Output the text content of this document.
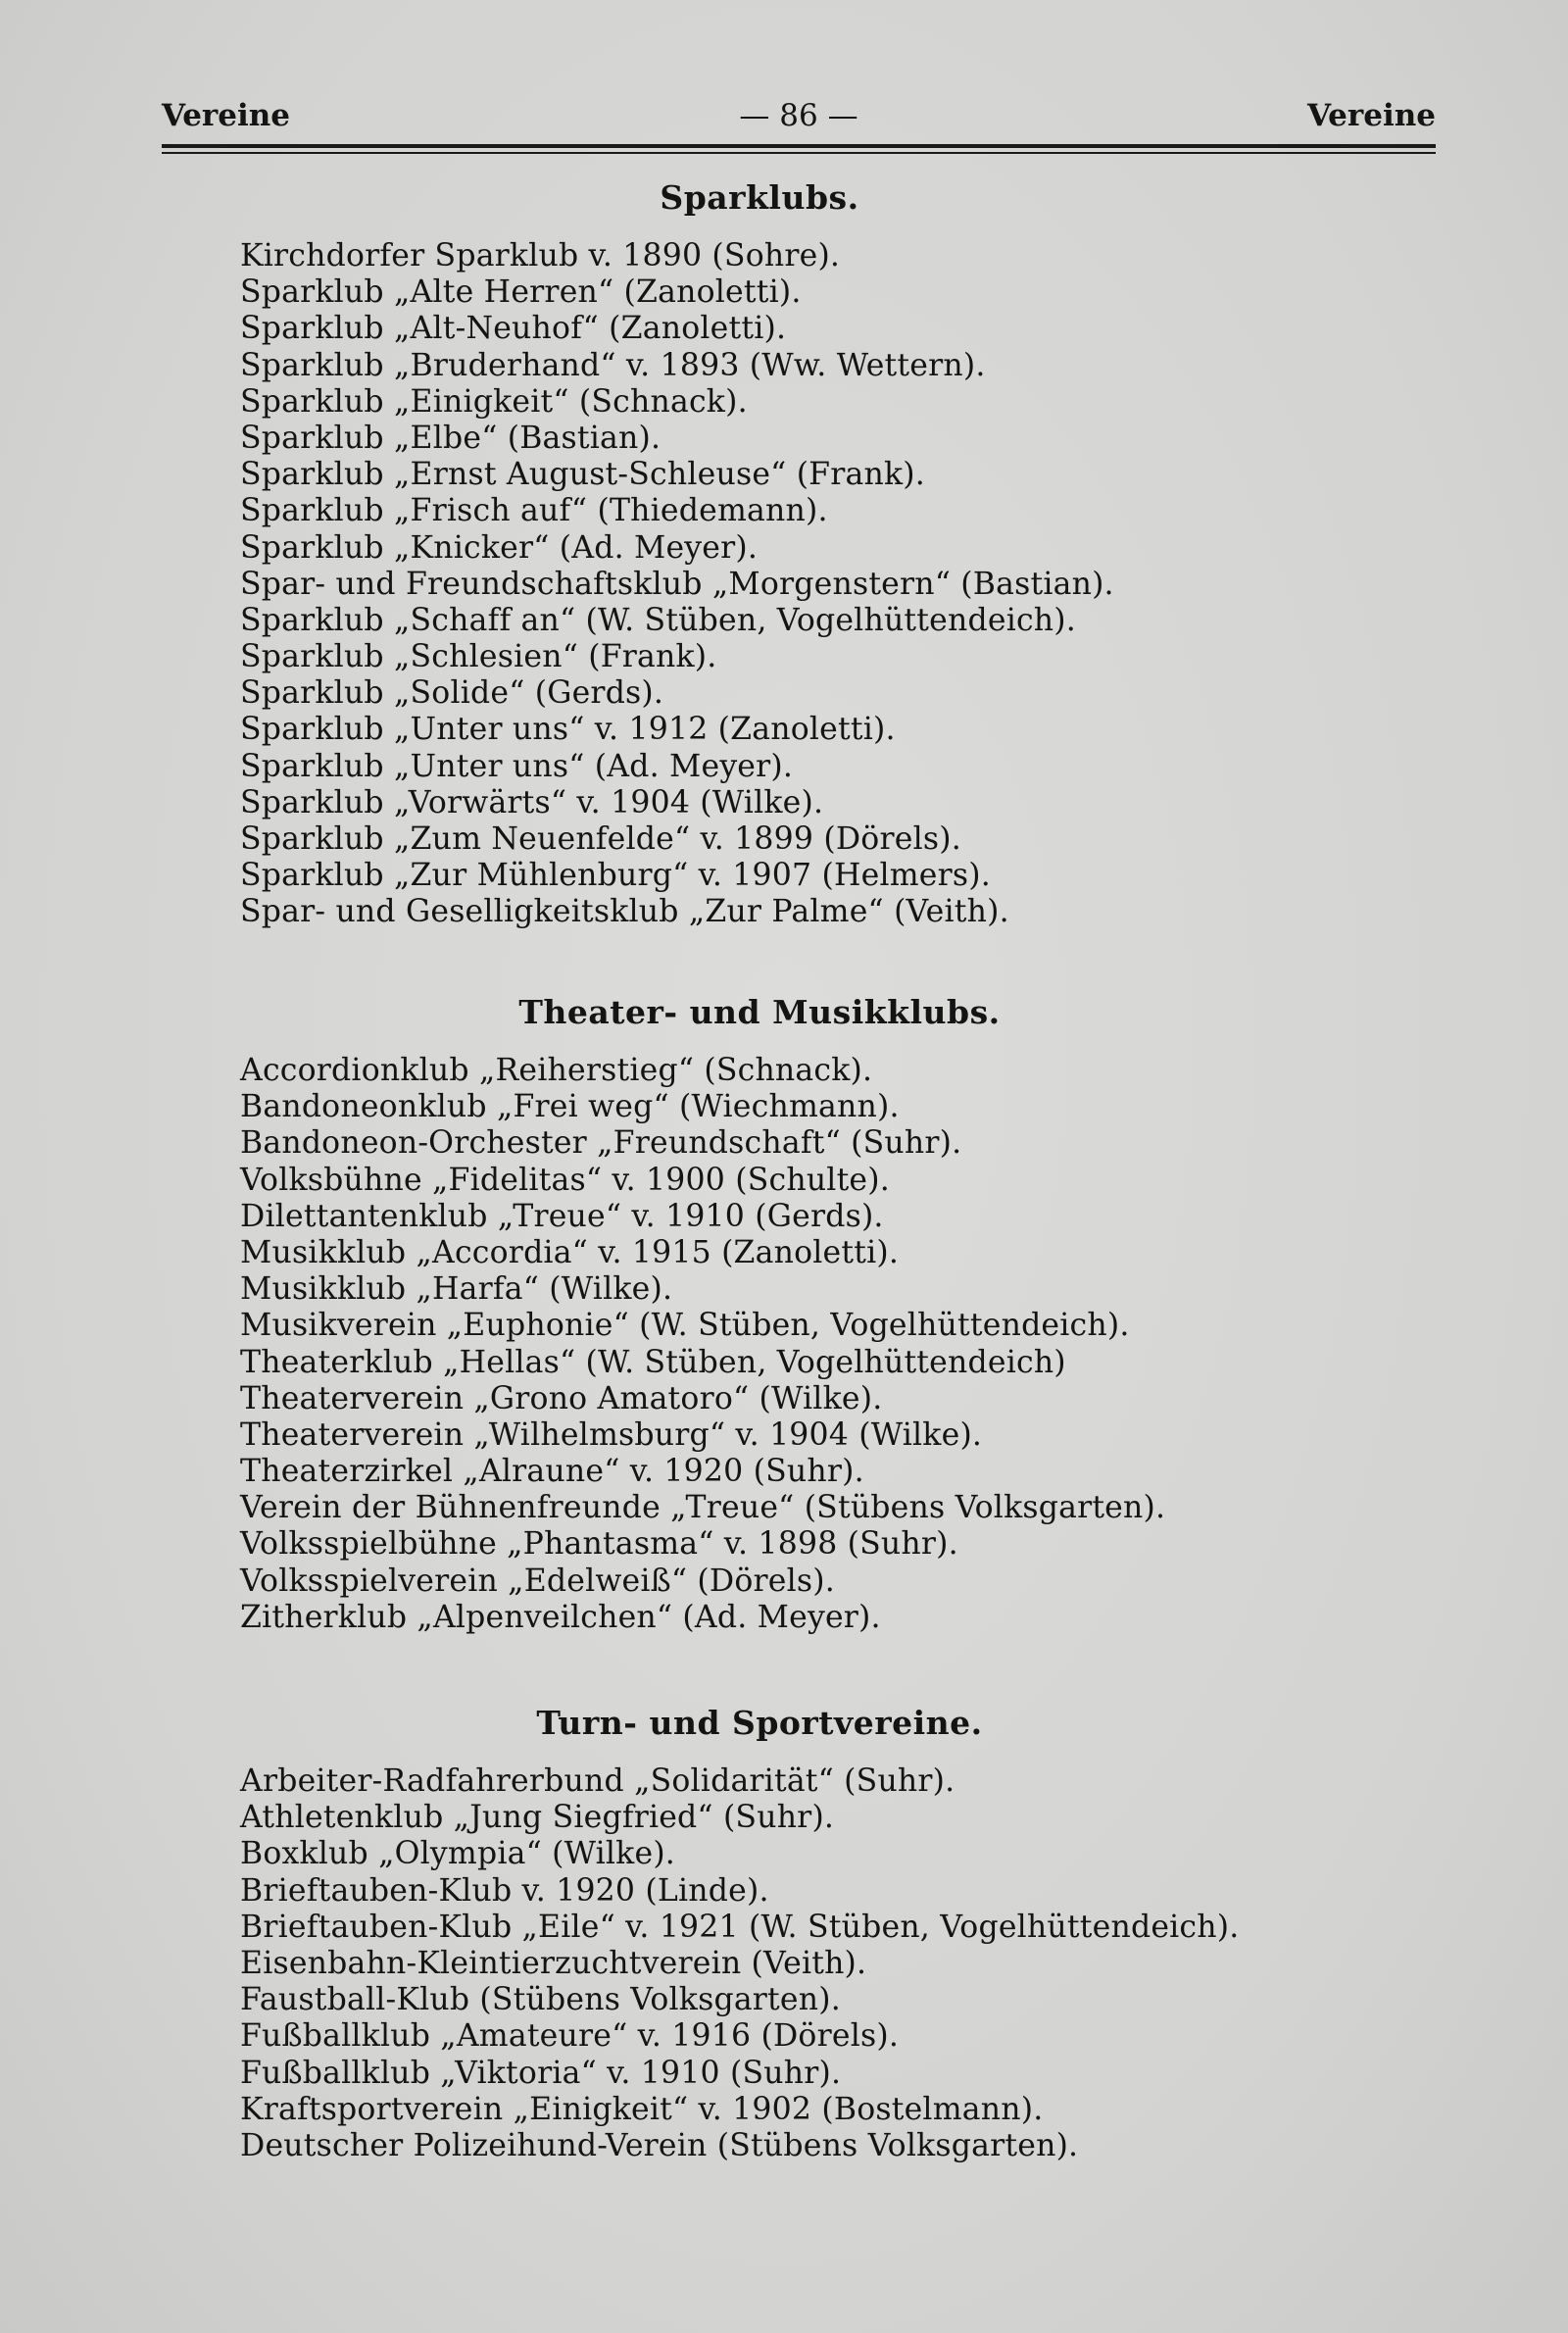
Vereine	— 86 —	Vereine
Sparklubs.
Kirchdorfer Sparklub v. 1890 (Sohre).
Sparklub „Alte Herren“ (Zanoletti).
Sparklub „Alt-Neuhof“ (Zanoletti).
Sparklub „Bruderhand“ v. 1893 (Ww. Wettern).
Sparklub „Einigkeit“ (Schnack).
Sparklub „Elbe“ (Bastian).
Sparklub „Ernst August-Schleuse“ (Frank).
Sparklub „Frisch auf“ (Thiedemann).
Sparklub „Knicker“ (Ad. Meyer).
Spar- und Freundschaftsklub „Morgenstern“ (Bastian).
Sparklub „Schaff an“ (W. Stüben, Vogelhüttendeich).
Sparklub „Schlesien“ (Frank).
Sparklub „Solide“ (Gerds).
Sparklub „Unter uns“ v. 1912 (Zanoletti).
Sparklub „Unter uns“ (Ad. Meyer).
Sparklub „Vorwärts“ v. 1904 (Wilke).
Sparklub „Zum Neuenfelde“ v. 1899 (Dörels).
Sparklub „Zur Mühlenburg“ v. 1907 (Helmers).
Spar- und Geselligkeitsklub „Zur Palme“ (Veith).
Theater- und Musikklubs.
Accordionklub „Reiherstieg“ (Schnack).
Bandoneonklub „Frei weg“ (Wiechmann).
Bandoneon-Orchester „Freundschaft“ (Suhr).
Volksbühne „Fidelitas“ v. 1900 (Schulte).
Dilettantenklub „Treue“ v. 1910 (Gerds).
Musikklub „Accordia“ v. 1915 (Zanoletti).
Musikklub „Harfa“ (Wilke).
Musikverein „Euphonie“ (W. Stüben, Vogelhüttendeich).
Theaterklub „Hellas“ (W. Stüben, Vogelhüttendeich)
Theaterverein „Grono Amatoro“ (Wilke).
Theaterverein „Wilhelmsburg“ v. 1904 (Wilke).
Theaterzirkel „Alraune“ v. 1920 (Suhr).
Verein der Bühnenfreunde „Treue“ (Stübens Volksgarten).
Volksspielbühne „Phantasma“ v. 1898 (Suhr).
Volksspielverein „Edelweiß“ (Dörels).
Zitherklub „Alpenveilchen“ (Ad. Meyer).
Turn- und Sportvereine.
Arbeiter-Radfahrerbund „Solidarität“ (Suhr).
Athletenklub „Jung Siegfried“ (Suhr).
Boxklub „Olympia“ (Wilke).
Brieftauben-Klub v. 1920 (Linde).
Brieftauben-Klub „Eile“ v. 1921 (W. Stüben, Vogelhüttendeich).
Eisenbahn-Kleintierzuchtverein (Veith).
Faustball-Klub (Stübens Volksgarten).
Fußballklub „Amateure“ v. 1916 (Dörels).
Fußballklub „Viktoria“ v. 1910 (Suhr).
Kraftsportverein „Einigkeit“ v. 1902 (Bostelmann).
Deutscher Polizeihund-Verein (Stübens Volksgarten).
